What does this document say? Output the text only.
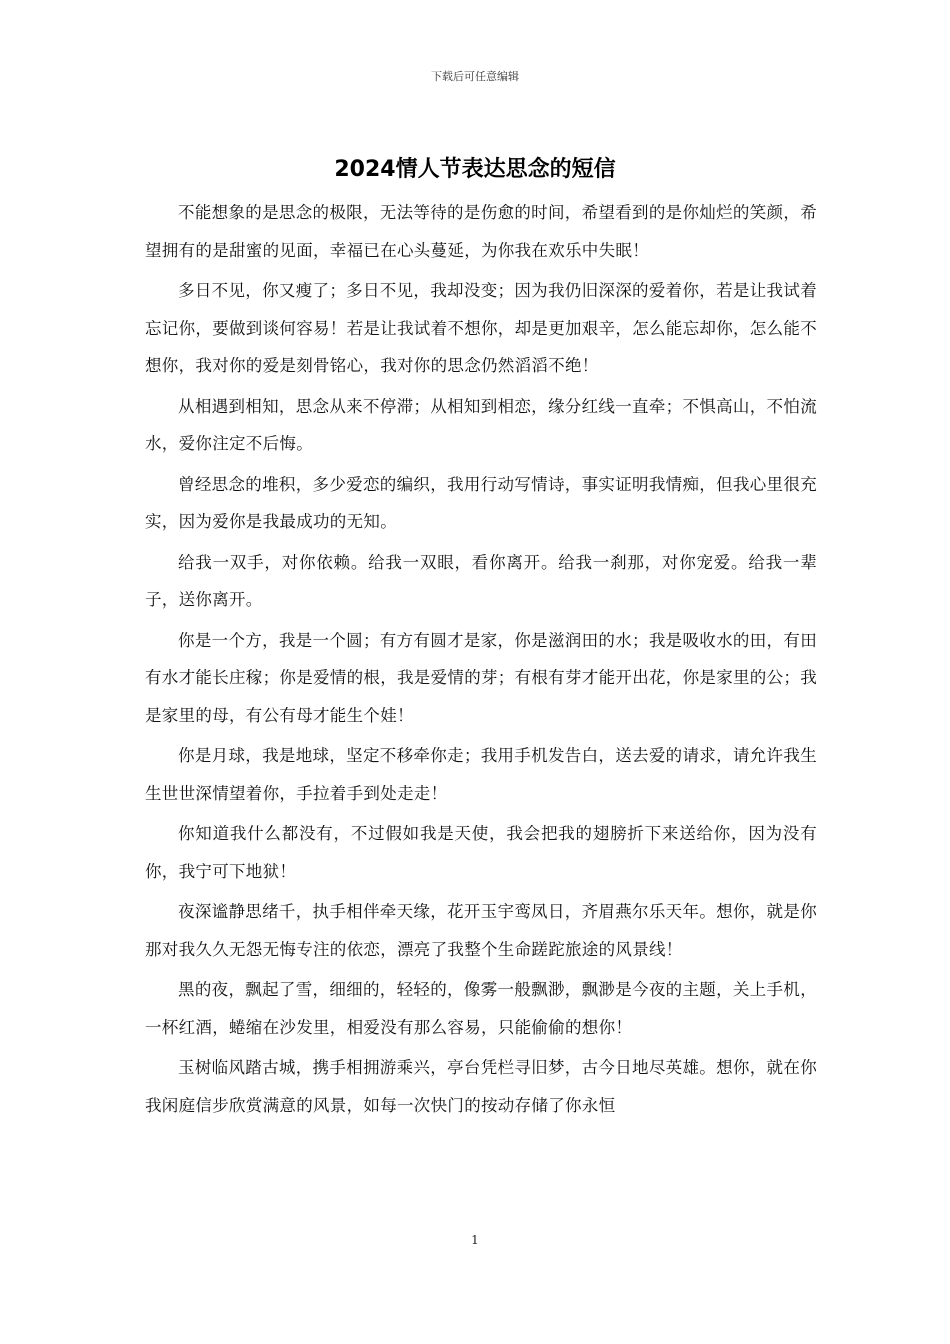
下载后可任意编辑
2024情人节表达思念的短信

不能想象的是思念的极限，无法等待的是伤愈的时间，希望看到的是你灿烂的笑颜，希望拥有的是甜蜜的见面，幸福已在心头蔓延，为你我在欢乐中失眠！

多日不见，你又瘦了；多日不见，我却没变；因为我仍旧深深的爱着你，若是让我试着忘记你，要做到谈何容易！若是让我试着不想你，却是更加艰辛，怎么能忘却你，怎么能不想你，我对你的爱是刻骨铭心，我对你的思念仍然滔滔不绝！

从相遇到相知，思念从来不停滞；从相知到相恋，缘分红线一直牵；不惧高山，不怕流水，爱你注定不后悔。

曾经思念的堆积，多少爱恋的编织，我用行动写情诗，事实证明我情痴，但我心里很充实，因为爱你是我最成功的无知。

给我一双手，对你依赖。给我一双眼，看你离开。给我一刹那，对你宠爱。给我一辈子，送你离开。

你是一个方，我是一个圆；有方有圆才是家，你是滋润田的水；我是吸收水的田，有田有水才能长庄稼；你是爱情的根，我是爱情的芽；有根有芽才能开出花，你是家里的公；我是家里的母，有公有母才能生个娃！

你是月球，我是地球，坚定不移牵你走；我用手机发告白，送去爱的请求，请允许我生生世世深情望着你，手拉着手到处走走！

你知道我什么都没有，不过假如我是天使，我会把我的翅膀折下来送给你，因为没有你，我宁可下地狱！

夜深谧静思绪千，执手相伴牵天缘，花开玉宇鸾凤日，齐眉燕尔乐天年。想你，就是你那对我久久无怨无悔专注的依恋，漂亮了我整个生命蹉跎旅途的风景线！

黑的夜，飘起了雪，细细的，轻轻的，像雾一般飘渺，飘渺是今夜的主题，关上手机，一杯红酒，蜷缩在沙发里，相爱没有那么容易，只能偷偷的想你！

玉树临风踏古城，携手相拥游乘兴，亭台凭栏寻旧梦，古今日地尽英雄。想你，就在你我闲庭信步欣赏满意的风景，如每一次快门的按动存储了你永恒

1
